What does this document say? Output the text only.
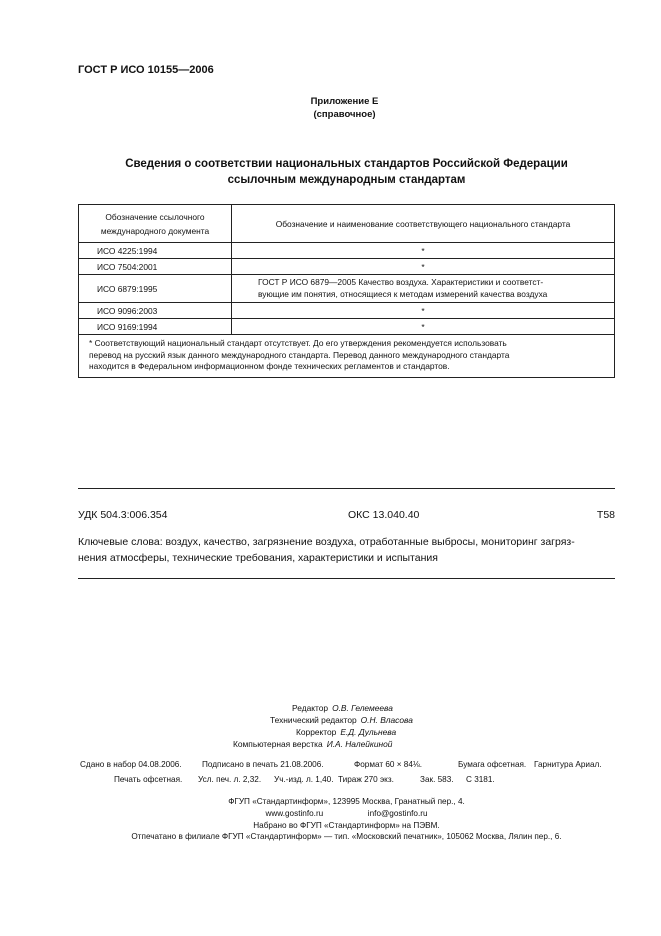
ГОСТ Р ИСО 10155—2006
Приложение Е
(справочное)
Сведения о соответствии национальных стандартов Российской Федерации
ссылочным международным стандартам
Обозначение ссылочного международного документа	Обозначение и наименование соответствующего национального стандарта
ИСО 4225:1994	*
ИСО 7504:2001	*
ИСО 6879:1995	ГОСТ Р ИСО 6879—2005 Качество воздуха. Характеристики и соответст-
вующие им понятия, относящиеся к методам измерений качества воздуха

ИСО 9096:2003	*
ИСО 9169:1994	*

* Соответствующий национальный стандарт отсутствует. До его утверждения рекомендуется использовать
перевод на русский язык данного международного стандарта. Перевод данного международного стандарта
находится в Федеральном информационном фонде технических регламентов и стандартов.	
УДК 504.3:006.354	ОКС 13.040.40	Т58
Ключевые слова: воздух, качество, загрязнение воздуха, отработанные выбросы, мониторинг загряз-
нения атмосферы, технические требования, характеристики и испытания
Редактор О.В. Гелемеева
Технический редактор О.Н. Власова
Корректор Е.Д. Дульнева
Компьютерная верстка И.А. Налейкиной
Сдано в набор 04.08.2006. Подписано в печать 21.08.2006.	Формат 60 × 84⅛.	Бумага офсетная. Гарнитура Ариал.
Печать офсетная. Усл. печ. л. 2,32. Уч.-изд. л. 1,40. Тираж 270 экз.	Зак. 583. С 3181.
ФГУП «Стандартинформ», 123995 Москва, Гранатный пер., 4.
www.gostinfo.ru	info@gostinfo.ru
Набрано во ФГУП «Стандартинформ» на ПЭВМ.
Отпечатано в филиале ФГУП «Стандартинформ» — тип. «Московский печатник», 105062 Москва, Лялин пер., 6.
